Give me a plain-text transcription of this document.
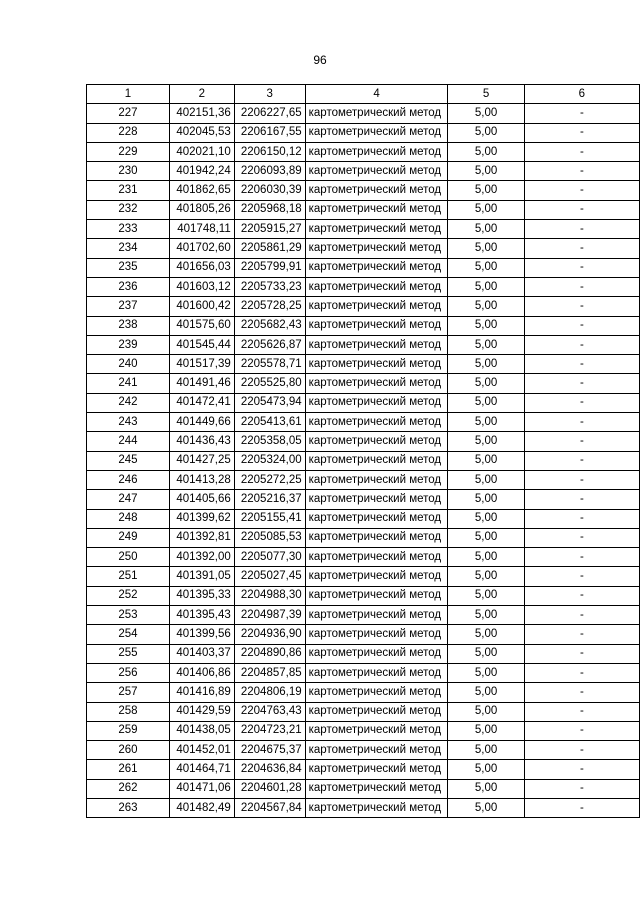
96
1	2	3	4	5	6
227	402151,36	2206227,65	картометрический метод	5,00	-
228	402045,53	2206167,55	картометрический метод	5,00	-
229	402021,10	2206150,12	картометрический метод	5,00	-
230	401942,24	2206093,89	картометрический метод	5,00	-
231	401862,65	2206030,39	картометрический метод	5,00	-
232	401805,26	2205968,18	картометрический метод	5,00	-
233	401748,11	2205915,27	картометрический метод	5,00	-
234	401702,60	2205861,29	картометрический метод	5,00	-
235	401656,03	2205799,91	картометрический метод	5,00	-
236	401603,12	2205733,23	картометрический метод	5,00	-
237	401600,42	2205728,25	картометрический метод	5,00	-
238	401575,60	2205682,43	картометрический метод	5,00	-
239	401545,44	2205626,87	картометрический метод	5,00	-
240	401517,39	2205578,71	картометрический метод	5,00	-
241	401491,46	2205525,80	картометрический метод	5,00	-
242	401472,41	2205473,94	картометрический метод	5,00	-
243	401449,66	2205413,61	картометрический метод	5,00	-
244	401436,43	2205358,05	картометрический метод	5,00	-
245	401427,25	2205324,00	картометрический метод	5,00	-
246	401413,28	2205272,25	картометрический метод	5,00	-
247	401405,66	2205216,37	картометрический метод	5,00	-
248	401399,62	2205155,41	картометрический метод	5,00	-
249	401392,81	2205085,53	картометрический метод	5,00	-
250	401392,00	2205077,30	картометрический метод	5,00	-
251	401391,05	2205027,45	картометрический метод	5,00	-
252	401395,33	2204988,30	картометрический метод	5,00	-
253	401395,43	2204987,39	картометрический метод	5,00	-
254	401399,56	2204936,90	картометрический метод	5,00	-
255	401403,37	2204890,86	картометрический метод	5,00	-
256	401406,86	2204857,85	картометрический метод	5,00	-
257	401416,89	2204806,19	картометрический метод	5,00	-
258	401429,59	2204763,43	картометрический метод	5,00	-
259	401438,05	2204723,21	картометрический метод	5,00	-
260	401452,01	2204675,37	картометрический метод	5,00	-
261	401464,71	2204636,84	картометрический метод	5,00	-
262	401471,06	2204601,28	картометрический метод	5,00	-
263	401482,49	2204567,84	картометрический метод	5,00	-
